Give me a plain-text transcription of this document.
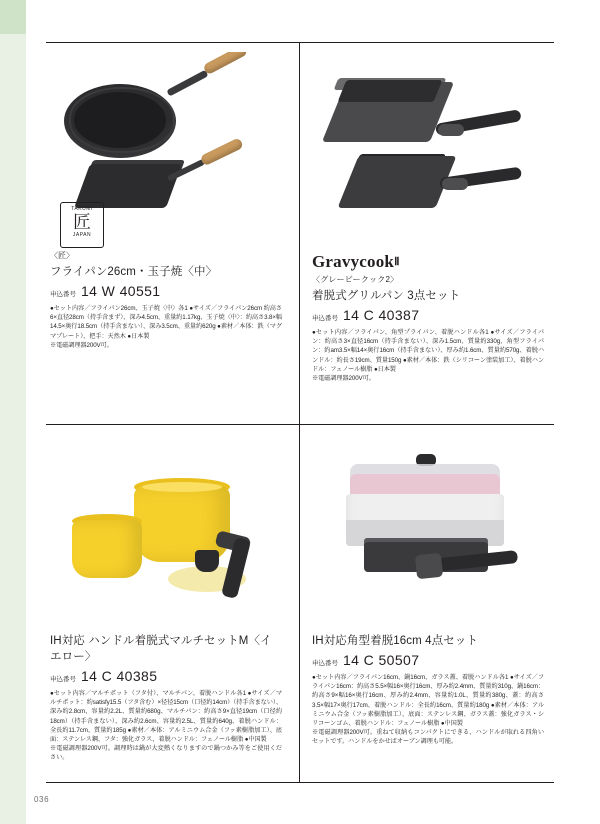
TAKUMI
匠
JAPAN
〈匠〉
フライパン26cm・玉子焼〈中〉
申込番号 14 W 40551
●セット内容／フライパン26cm、玉子焼〈中〉各1 ●サイズ／フライパン26cm 約高さ6×直径28cm（持手含まず）、深み4.5cm、重量約1.17kg、玉子焼〈中〉：約高さ3.8×幅14.5×奥行18.5cm（持手含まない）、深み3.5cm、重量約620g ●素材／本体：鉄（マグマプレート）、把手：天然木 ●日本製
※電磁調理器200V可。
GravycookⅡ
〈グレービークック2〉
着脱式グリルパン 3点セット
申込番号 14 C 40387
●セット内容／フライパン、角型プライパン、着脱ハンドル各1 ●サイズ／フライパン：約高さ3×直径16cm（持手含まない）、深み1.5cm、質量約330g、角型フライパン：約am3.5×幅14×奥行16cm（持手含まない）、厚み約1.6cm、質量約570g、着脱ハンドル：約長さ19cm、質量150g ●素材／本体：鉄（シリコーン塗装加工）、着脱ハンドル：フェノール樹脂 ●日本製
※電磁調理器200V可。
IH対応 ハンドル着脱式マルチセットM〈イエロー〉
申込番号 14 C 40385
●セット内容／マルチポット（フタ付）、マルチパン、着脱ハンドル各1 ●サイズ／マルチポット：約satisfy15.5（フタ含む）×径径15cm（口径約14cm）（持手含まない）、深み約2.8cm、容量約2.2L、質量約680g、マルチパン：約高さ9×直径19cm（口径約18cm）（持手含まない）、深み約2.6cm、容量約2.5L、質量約640g、着脱ハンドル：全長約11.7cm、質量約185g ●素材／本体：アルミニウム合金（フッ素樹脂加工）、底面：ステンレス鋼、フタ：強化ガラス、着脱ハンドル：フェノール樹脂 ●中国製
※電磁調理器200V可。調理時は鍋が大変熱くなりますので鍋つかみ等をご使用ください。
IH対応角型着脱16cm 4点セット
申込番号 14 C 50507
●セット内容／フライパン16cm、鍋16cm、ガラス蓋、着脱ハンドル各1 ●サイズ／フライパン16cm：約高さ5.5×幅16×奥行16cm、厚み約2.4mm、質量約310g、鍋16cm：約高さ9×幅16×奥行16cm、厚み約2.4mm、容量約1.0L、質量約380g、蓋：約高さ3.5×幅17×奥行17cm、着脱ハンドル：全長約16cm、質量約180g ●素材／本体：アルミニウム合金（フッ素樹脂加工）、底面：ステンレス鋼、ガラス蓋：強化ガラス・シリコーンゴム、着脱ハンドル：フェノール樹脂 ●中国製
※電磁調理器200V可。重ねて収納もコンパクトにできる、ハンドルが取れる四角いセットです。ハンドルをかせばオーブン調理も可能。
036
